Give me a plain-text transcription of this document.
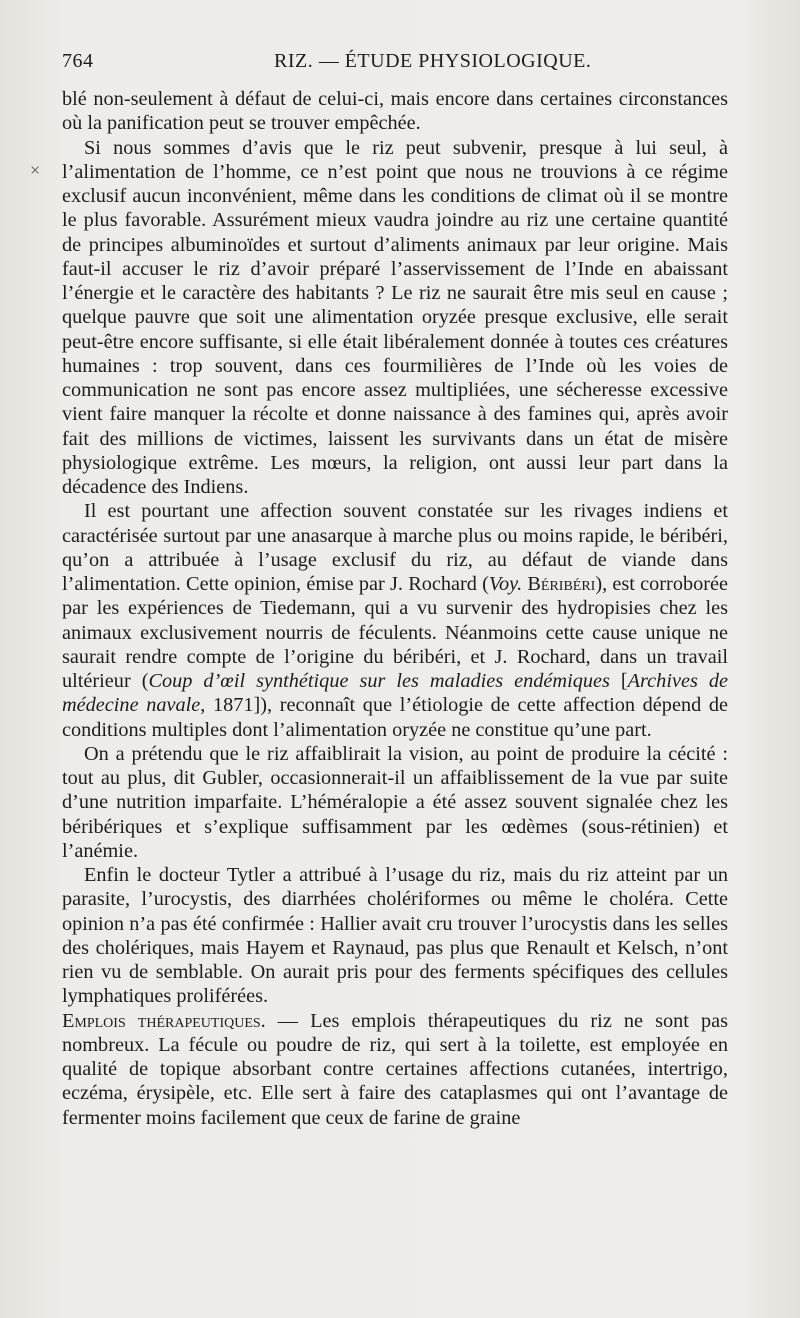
764	RIZ. — ÉTUDE PHYSIOLOGIQUE.
×

blé non-seulement à défaut de celui-ci, mais encore dans certaines circonstances où la panification peut se trouver empêchée.

Si nous sommes d’avis que le riz peut subvenir, presque à lui seul, à l’alimentation de l’homme, ce n’est point que nous ne trouvions à ce régime exclusif aucun inconvénient, même dans les conditions de climat où il se montre le plus favorable. Assurément mieux vaudra joindre au riz une certaine quantité de principes albuminoïdes et surtout d’aliments animaux par leur origine. Mais faut-il accuser le riz d’avoir préparé l’asservissement de l’Inde en abaissant l’énergie et le caractère des habitants ? Le riz ne saurait être mis seul en cause ; quelque pauvre que soit une alimentation oryzée presque exclusive, elle serait peut-être encore suffisante, si elle était libéralement donnée à toutes ces créatures humaines : trop souvent, dans ces fourmilières de l’Inde où les voies de communication ne sont pas encore assez multipliées, une sécheresse excessive vient faire manquer la récolte et donne naissance à des famines qui, après avoir fait des millions de victimes, laissent les survivants dans un état de misère physiologique extrême. Les mœurs, la religion, ont aussi leur part dans la décadence des Indiens.

Il est pourtant une affection souvent constatée sur les rivages indiens et caractérisée surtout par une anasarque à marche plus ou moins rapide, le béribéri, qu’on a attribuée à l’usage exclusif du riz, au défaut de viande dans l’alimentation. Cette opinion, émise par J. Rochard (Voy. Béribéri), est corroborée par les expériences de Tiedemann, qui a vu survenir des hydropisies chez les animaux exclusivement nourris de féculents. Néanmoins cette cause unique ne saurait rendre compte de l’origine du béribéri, et J. Rochard, dans un travail ultérieur (Coup d’œil synthétique sur les maladies endémiques [Archives de médecine navale, 1871]), reconnaît que l’étiologie de cette affection dépend de conditions multiples dont l’alimentation oryzée ne constitue qu’une part.

On a prétendu que le riz affaiblirait la vision, au point de produire la cécité : tout au plus, dit Gubler, occasionnerait-il un affaiblissement de la vue par suite d’une nutrition imparfaite. L’héméralopie a été assez souvent signalée chez les béribériques et s’explique suffisamment par les œdèmes (sous-rétinien) et l’anémie.

Enfin le docteur Tytler a attribué à l’usage du riz, mais du riz atteint par un parasite, l’urocystis, des diarrhées cholériformes ou même le choléra. Cette opinion n’a pas été confirmée : Hallier avait cru trouver l’urocystis dans les selles des cholériques, mais Hayem et Raynaud, pas plus que Renault et Kelsch, n’ont rien vu de semblable. On aurait pris pour des ferments spécifiques des cellules lymphatiques proliférées.

Emplois thérapeutiques. — Les emplois thérapeutiques du riz ne sont pas nombreux. La fécule ou poudre de riz, qui sert à la toilette, est employée en qualité de topique absorbant contre certaines affections cutanées, intertrigo, eczéma, érysipèle, etc. Elle sert à faire des cataplasmes qui ont l’avantage de fermenter moins facilement que ceux de farine de graine
